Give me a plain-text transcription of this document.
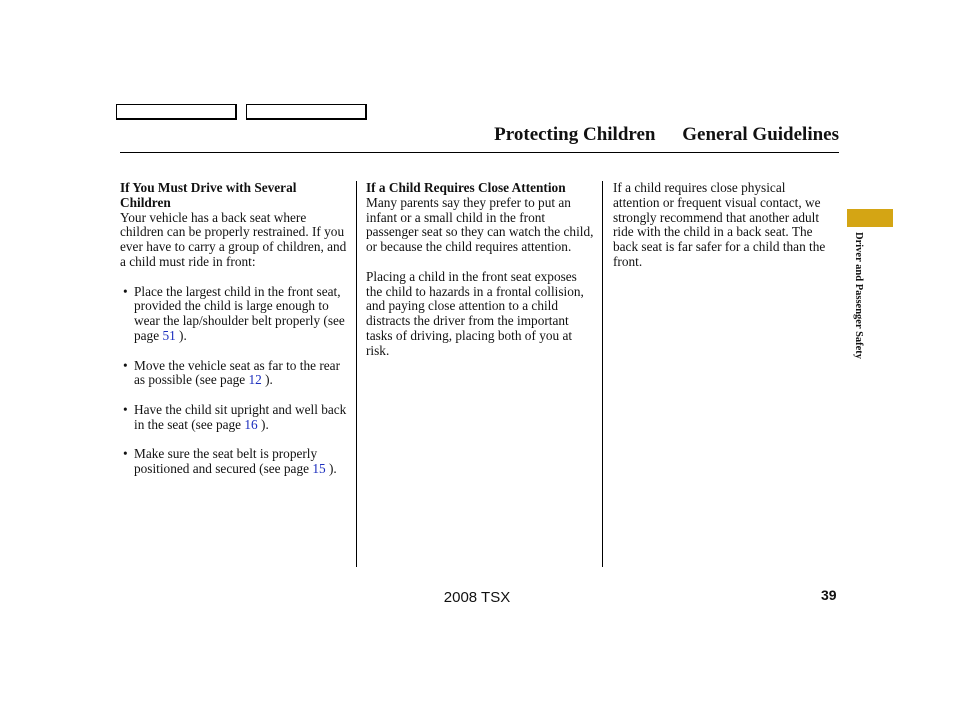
Protecting Children General Guidelines

If You Must Drive with Several Children

Your vehicle has a back seat where children can be properly restrained. If you ever have to carry a group of children, and a child must ride in front:

• Place the largest child in the front seat, provided the child is large enough to wear the lap/shoulder belt properly (see page 51 ).
• Move the vehicle seat as far to the rear as possible (see page 12 ).
• Have the child sit upright and well back in the seat (see page 16 ).
• Make sure the seat belt is properly positioned and secured (see page 15 ).

If a Child Requires Close Attention

Many parents say they prefer to put an infant or a small child in the front passenger seat so they can watch the child, or because the child requires attention.

Placing a child in the front seat exposes the child to hazards in a frontal collision, and paying close attention to a child distracts the driver from the important tasks of driving, placing both of you at risk.

If a child requires close physical attention or frequent visual contact, we strongly recommend that another adult ride with the child in a back seat. The back seat is far safer for a child than the front.	Driver and Passenger Safety
2008 TSX	39
